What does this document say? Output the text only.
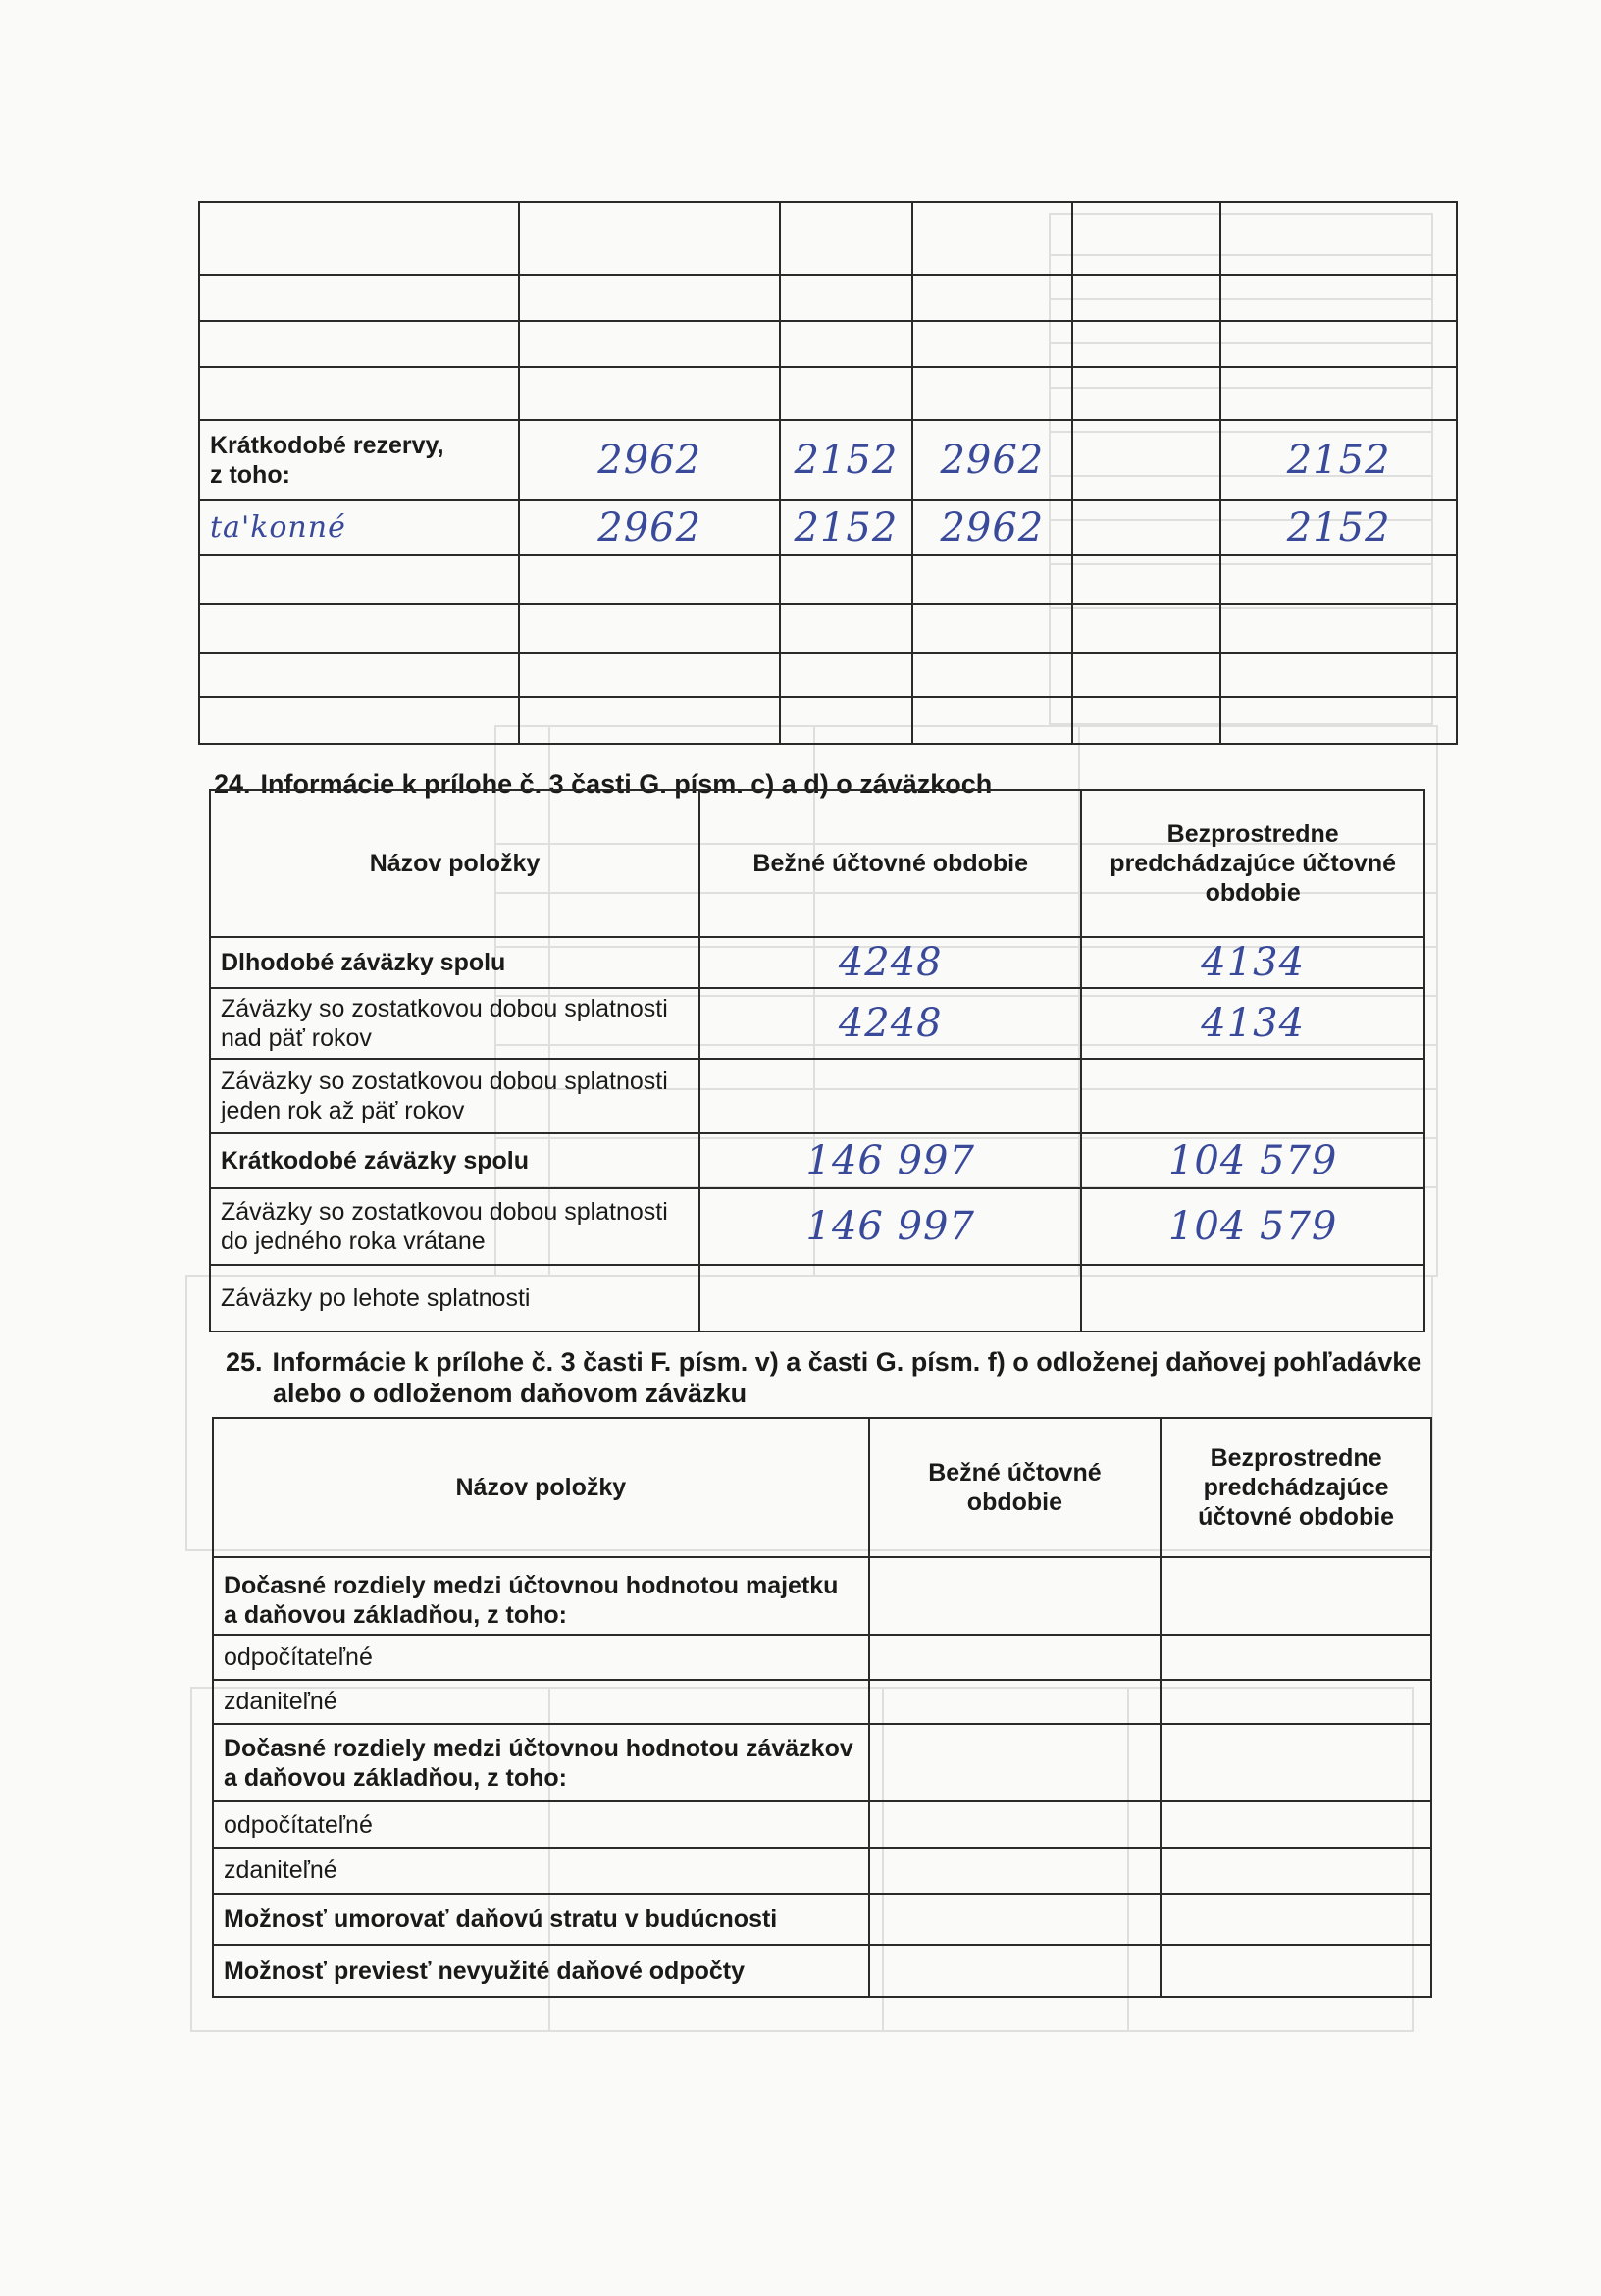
Krátkodobé rezervy,
z toho:	2962	2152	2962		2152
ta'konné	2962	2152	2962		2152

24. Informácie k prílohe č. 3 časti G. písm. c) a d) o záväzkoch
Názov položky	Bežné účtovné obdobie	Bezprostredne predchádzajúce účtovné obdobie
Dlhodobé záväzky spolu	4248	4134
Záväzky so zostatkovou dobou splatnosti nad päť rokov	4248	4134
Záväzky so zostatkovou dobou splatnosti jeden rok až päť rokov		
Krátkodobé záväzky spolu	146 997	104 579
Záväzky so zostatkovou dobou splatnosti do jedného roka vrátane	146 997	104 579
Záväzky po lehote splatnosti		
25. Informácie k prílohe č. 3 časti F. písm. v) a časti G. písm. f) o odloženej daňovej pohľadávke alebo o odloženom daňovom záväzku
Názov položky	Bežné účtovné obdobie	Bezprostredne predchádzajúce účtovné obdobie
Dočasné rozdiely medzi účtovnou hodnotou majetku a daňovou základňou, z toho:		
odpočítateľné		
zdaniteľné		
Dočasné rozdiely medzi účtovnou hodnotou záväzkov a daňovou základňou, z toho:		
odpočítateľné		
zdaniteľné		
Možnosť umorovať daňovú stratu v budúcnosti		
Možnosť previesť nevyužité daňové odpočty		
